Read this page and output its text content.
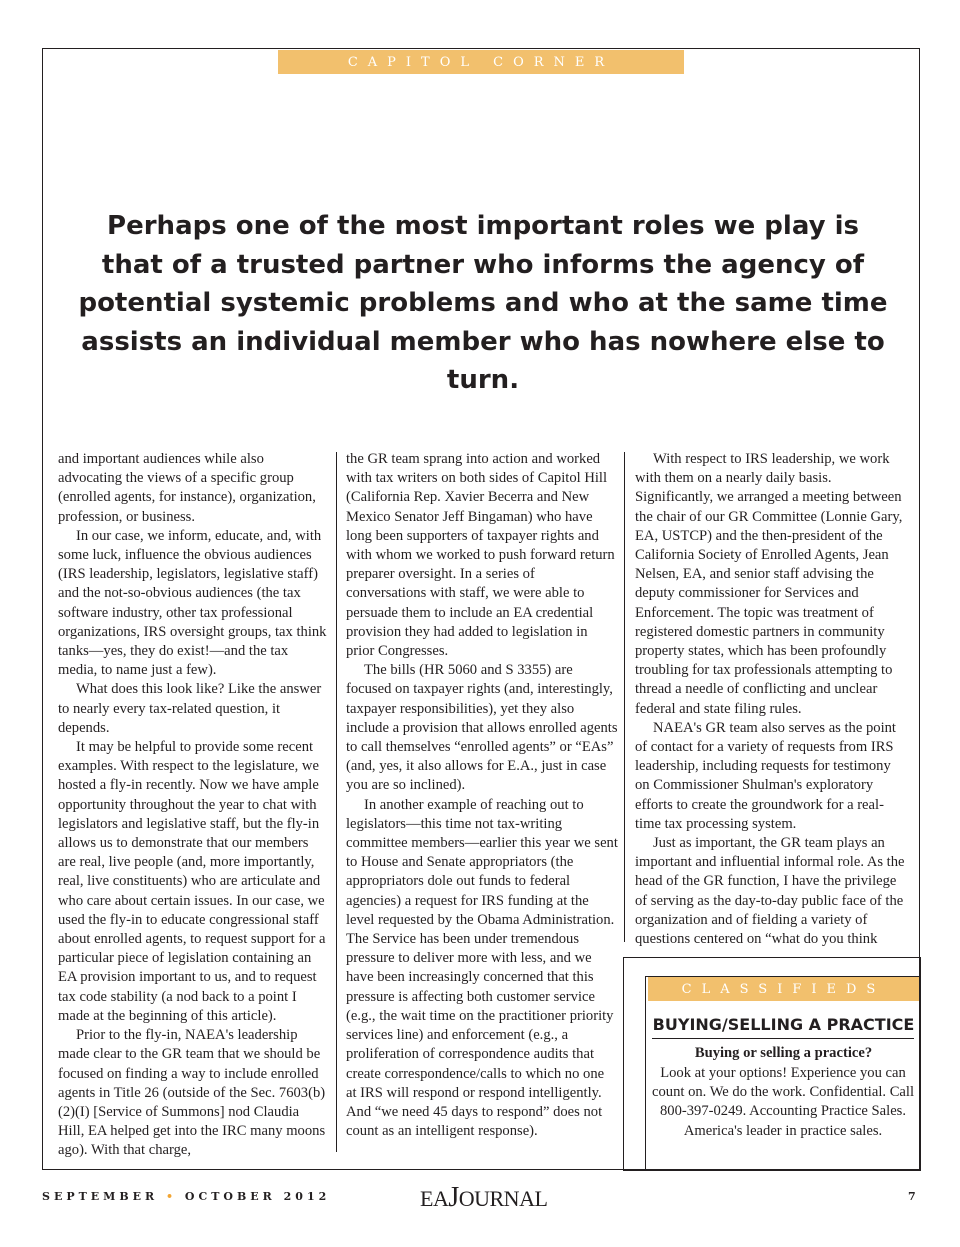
CAPITOL CORNER
Perhaps one of the most important roles we play is that of a trusted partner who informs the agency of potential systemic problems and who at the same time assists an individual member who has nowhere else to turn.

and important audiences while also advocating the views of a specific group (enrolled agents, for instance), organization, profession, or business.

In our case, we inform, educate, and, with some luck, influence the obvious audiences (IRS leadership, legislators, legislative staff) and the not-so-obvious audiences (the tax software industry, other tax professional organizations, IRS oversight groups, tax think tanks—yes, they do exist!—and the tax media, to name just a few).

What does this look like? Like the answer to nearly every tax-related question, it depends.

It may be helpful to provide some recent examples. With respect to the legislature, we hosted a fly-in recently. Now we have ample opportunity throughout the year to chat with legislators and legislative staff, but the fly-in allows us to demonstrate that our members are real, live people (and, more importantly, real, live constituents) who are articulate and who care about certain issues. In our case, we used the fly-in to educate congressional staff about enrolled agents, to request support for a particular piece of legislation containing an EA provision important to us, and to request tax code stability (a nod back to a point I made at the beginning of this article).

Prior to the fly-in, NAEA's leadership made clear to the GR team that we should be focused on finding a way to include enrolled agents in Title 26 (outside of the Sec. 7603(b)(2)(I) [Service of Summons] nod Claudia Hill, EA helped get into the IRC many moons ago). With that charge,

the GR team sprang into action and worked with tax writers on both sides of Capitol Hill (California Rep. Xavier Becerra and New Mexico Senator Jeff Bingaman) who have long been supporters of taxpayer rights and with whom we worked to push forward return preparer oversight. In a series of conversations with staff, we were able to persuade them to include an EA credential provision they had added to legislation in prior Congresses.

The bills (HR 5060 and S 3355) are focused on taxpayer rights (and, interestingly, taxpayer responsibilities), yet they also include a provision that allows enrolled agents to call themselves “enrolled agents” or “EAs” (and, yes, it also allows for E.A., just in case you are so inclined).

In another example of reaching out to legislators—this time not tax-writing committee members—earlier this year we sent to House and Senate appropriators (the appropriators dole out funds to federal agencies) a request for IRS funding at the level requested by the Obama Administration. The Service has been under tremendous pressure to deliver more with less, and we have been increasingly concerned that this pressure is affecting both customer service (e.g., the wait time on the practitioner priority services line) and enforcement (e.g., a proliferation of correspondence audits that create correspondence/calls to which no one at IRS will respond or respond intelligently. And “we need 45 days to respond” does not count as an intelligent response).

With respect to IRS leadership, we work with them on a nearly daily basis. Significantly, we arranged a meeting between the chair of our GR Committee (Lonnie Gary, EA, USTCP) and the then-president of the California Society of Enrolled Agents, Jean Nelsen, EA, and senior staff advising the deputy commissioner for Services and Enforcement. The topic was treatment of registered domestic partners in community property states, which has been profoundly troubling for tax professionals attempting to thread a needle of conflicting and unclear federal and state filing rules.

NAEA's GR team also serves as the point of contact for a variety of requests from IRS leadership, including requests for testimony on Commissioner Shulman's exploratory efforts to create the groundwork for a real-time tax processing system.

Just as important, the GR team plays an important and influential informal role. As the head of the GR function, I have the privilege of serving as the day-to-day public face of the organization and of fielding a variety of questions centered on “what do you think

CLASSIFIEDS
BUYING/SELLING A PRACTICE
Buying or selling a practice?
Look at your options! Experience you can count on. We do the work. Confidential. Call 800-397-0249. Accounting Practice Sales. America's leader in practice sales.
SEPTEMBER • OCTOBER 2012	EAJOURNAL	7
